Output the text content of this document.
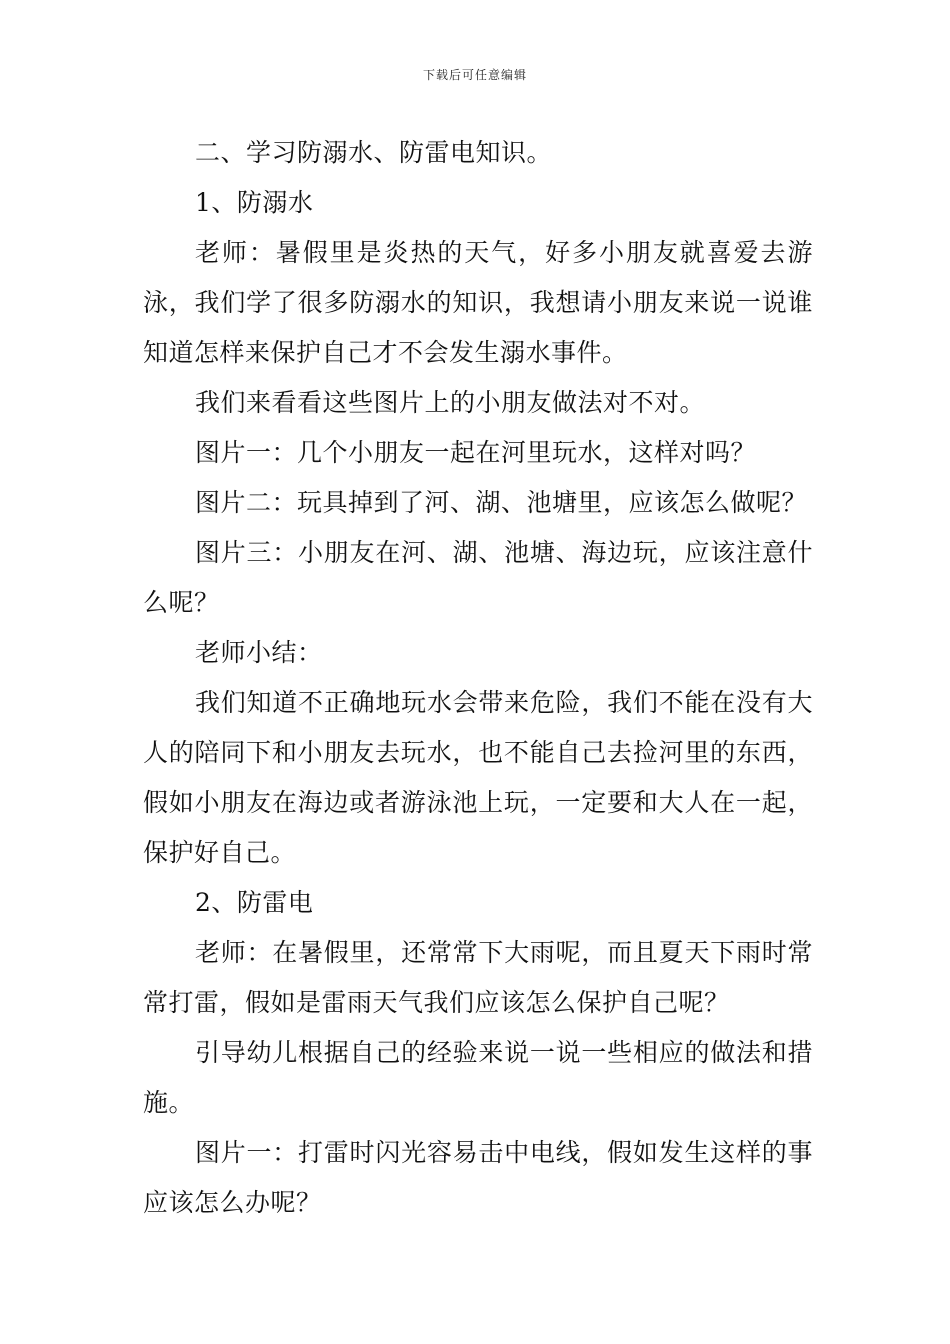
下载后可任意编辑

二、学习防溺水、防雷电知识。

1、防溺水

老师：暑假里是炎热的天气，好多小朋友就喜爱去游泳，我们学了很多防溺水的知识，我想请小朋友来说一说谁知道怎样来保护自己才不会发生溺水事件。

我们来看看这些图片上的小朋友做法对不对。

图片一：几个小朋友一起在河里玩水，这样对吗？

图片二：玩具掉到了河、湖、池塘里，应该怎么做呢？

图片三：小朋友在河、湖、池塘、海边玩，应该注意什么呢？

老师小结：

我们知道不正确地玩水会带来危险，我们不能在没有大人的陪同下和小朋友去玩水，也不能自己去捡河里的东西，假如小朋友在海边或者游泳池上玩，一定要和大人在一起，保护好自己。

2、防雷电

老师：在暑假里，还常常下大雨呢，而且夏天下雨时常常打雷，假如是雷雨天气我们应该怎么保护自己呢？

引导幼儿根据自己的经验来说一说一些相应的做法和措施。

图片一：打雷时闪光容易击中电线，假如发生这样的事应该怎么办呢？
